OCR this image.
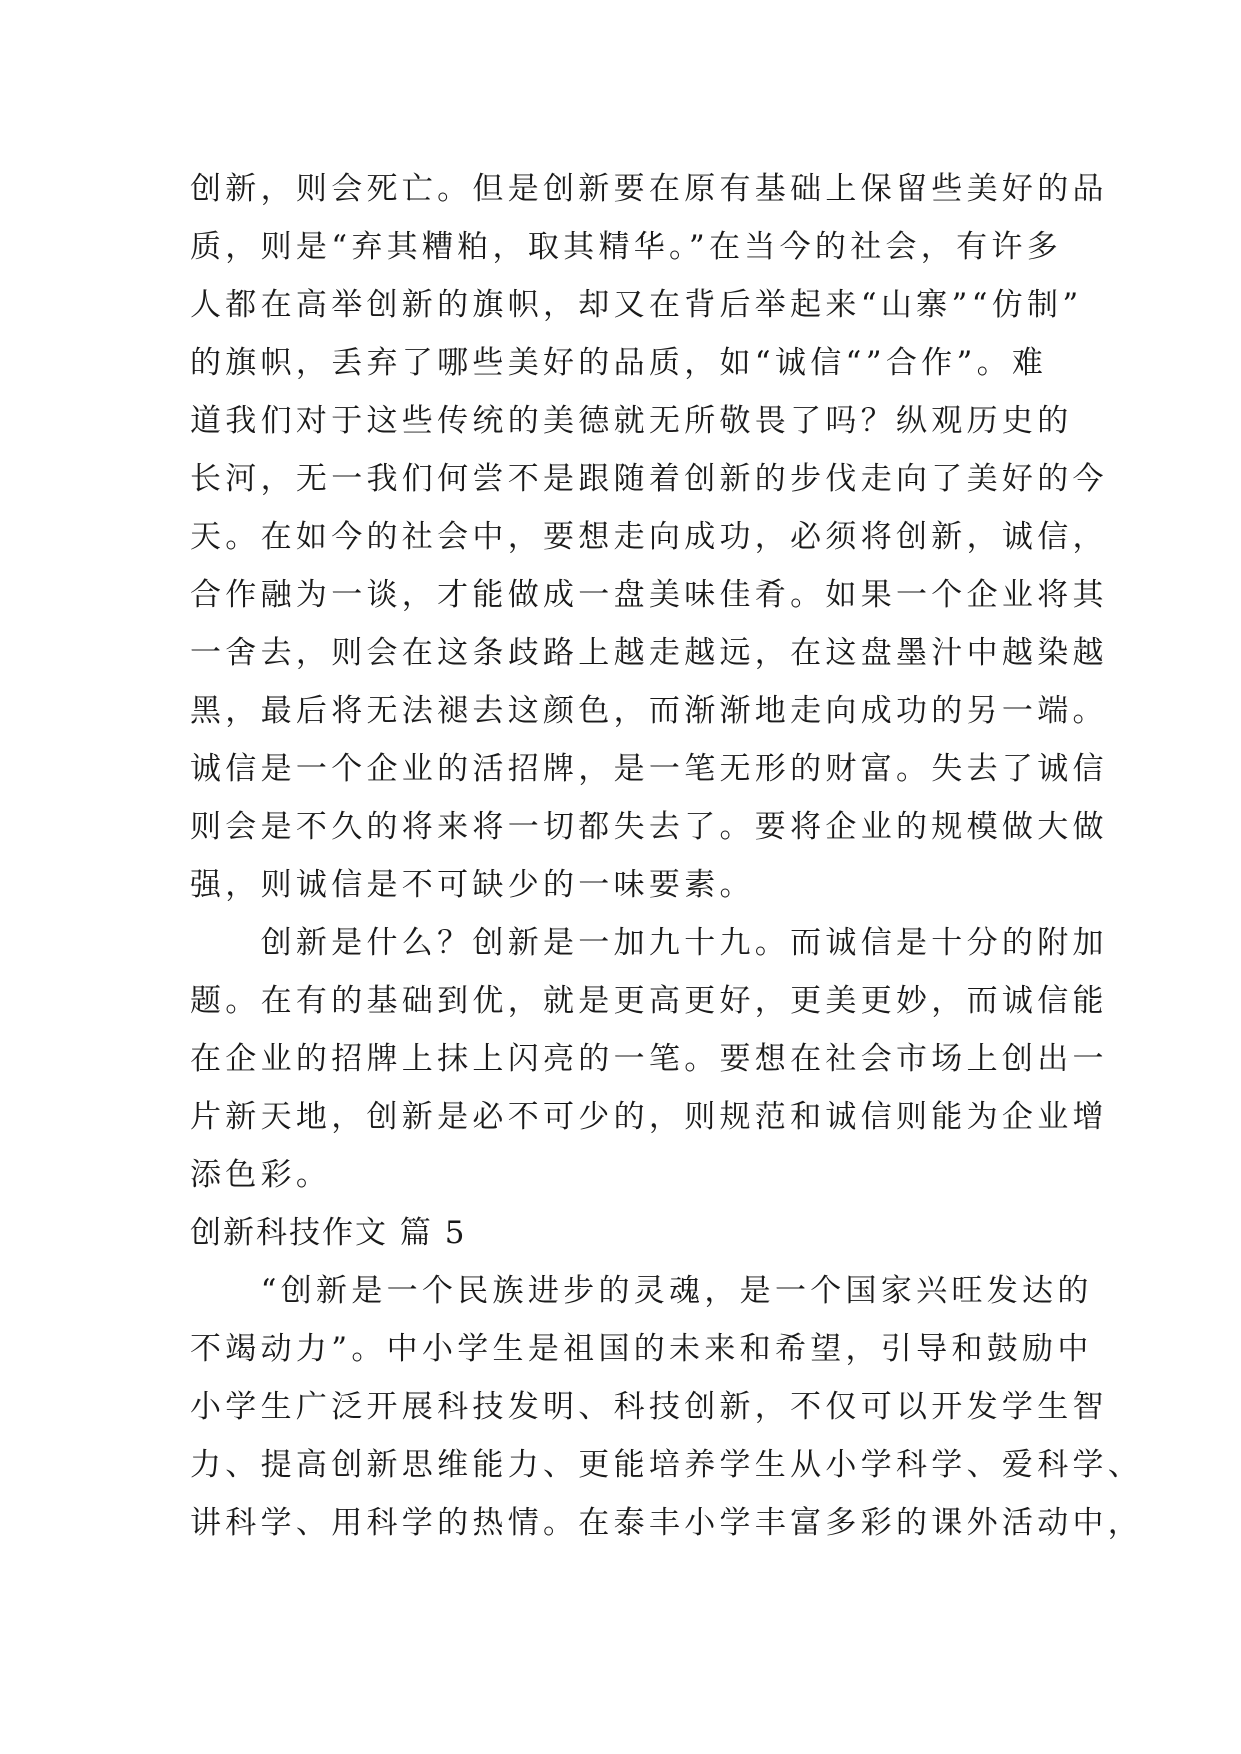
创新，则会死亡。但是创新要在原有基础上保留些美好的品
质，则是“弃其糟粕，取其精华。”在当今的社会，有许多
人都在高举创新的旗帜，却又在背后举起来“山寨”“仿制”
的旗帜，丢弃了哪些美好的品质，如“诚信“”合作”。难
道我们对于这些传统的美德就无所敬畏了吗？纵观历史的
长河，无一我们何尝不是跟随着创新的步伐走向了美好的今
天。在如今的社会中，要想走向成功，必须将创新，诚信，
合作融为一谈，才能做成一盘美味佳肴。如果一个企业将其
一舍去，则会在这条歧路上越走越远，在这盘墨汁中越染越
黑，最后将无法褪去这颜色，而渐渐地走向成功的另一端。
诚信是一个企业的活招牌，是一笔无形的财富。失去了诚信
则会是不久的将来将一切都失去了。要将企业的规模做大做
强，则诚信是不可缺少的一味要素。
　　创新是什么？创新是一加九十九。而诚信是十分的附加
题。在有的基础到优，就是更高更好，更美更妙，而诚信能
在企业的招牌上抹上闪亮的一笔。要想在社会市场上创出一
片新天地，创新是必不可少的，则规范和诚信则能为企业增
添色彩。
创新科技作文 篇 5
　　“创新是一个民族进步的灵魂，是一个国家兴旺发达的
不竭动力”。中小学生是祖国的未来和希望，引导和鼓励中
小学生广泛开展科技发明、科技创新，不仅可以开发学生智
力、提高创新思维能力、更能培养学生从小学科学、爱科学、
讲科学、用科学的热情。在泰丰小学丰富多彩的课外活动中，
